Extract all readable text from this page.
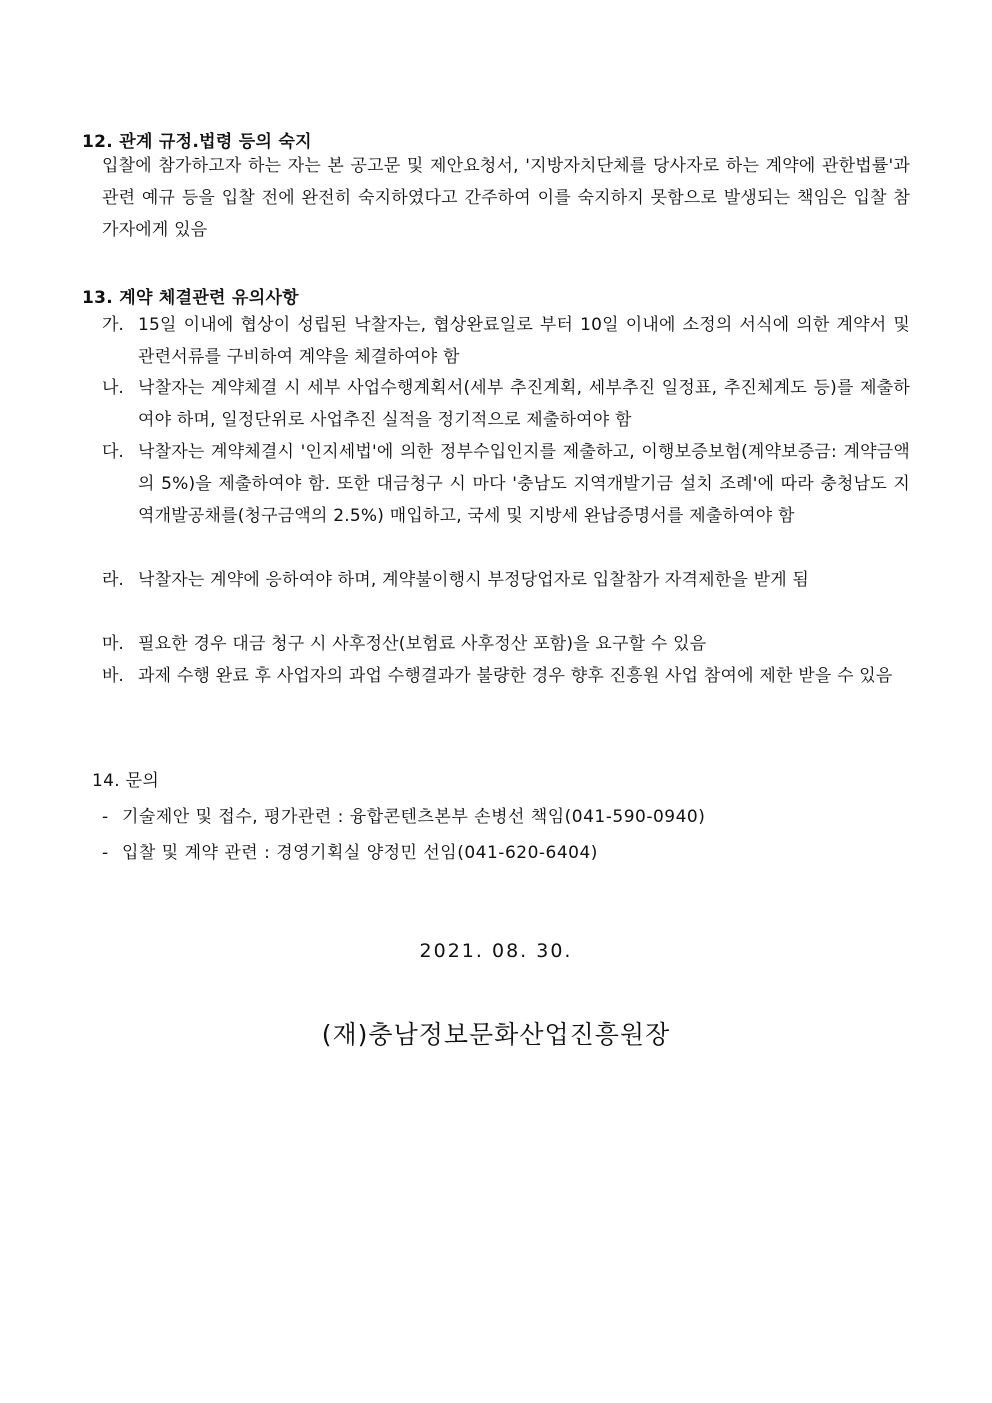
12. 관계 규정.법령 등의 숙지
입찰에 참가하고자 하는 자는 본 공고문 및 제안요청서, '지방자치단체를 당사자로 하는 계약에 관한법률'과 관련 예규 등을 입찰 전에 완전히 숙지하였다고 간주하여 이를 숙지하지 못함으로 발생되는 책임은 입찰 참가자에게 있음
13. 계약 체결관련 유의사항
가. 15일 이내에 협상이 성립된 낙찰자는, 협상완료일로 부터 10일 이내에 소정의 서식에 의한 계약서 및 관련서류를 구비하여 계약을 체결하여야 함
나. 낙찰자는 계약체결 시 세부 사업수행계획서(세부 추진계획, 세부추진 일정표, 추진체계도 등)를 제출하여야 하며, 일정단위로 사업추진 실적을 정기적으로 제출하여야 함
다. 낙찰자는 계약체결시 '인지세법'에 의한 정부수입인지를 제출하고, 이행보증보험(계약보증금: 계약금액의 5%)을 제출하여야 함. 또한 대금청구 시 마다 '충남도 지역개발기금 설치 조례'에 따라 충청남도 지역개발공채를(청구금액의 2.5%) 매입하고, 국세 및 지방세 완납증명서를 제출하여야 함
라. 낙찰자는 계약에 응하여야 하며, 계약불이행시 부정당업자로 입찰참가 자격제한을 받게 됨
마. 필요한 경우 대금 청구 시 사후정산(보험료 사후정산 포함)을 요구할 수 있음
바. 과제 수행 완료 후 사업자의 과업 수행결과가 불량한 경우 향후 진흥원 사업 참여에 제한 받을 수 있음
14. 문의
- 기술제안 및 접수, 평가관련 : 융합콘텐츠본부 손병선 책임(041-590-0940)
- 입찰 및 계약 관련 : 경영기획실 양정민 선임(041-620-6404)
2021. 08. 30.
(재)충남정보문화산업진흥원장
